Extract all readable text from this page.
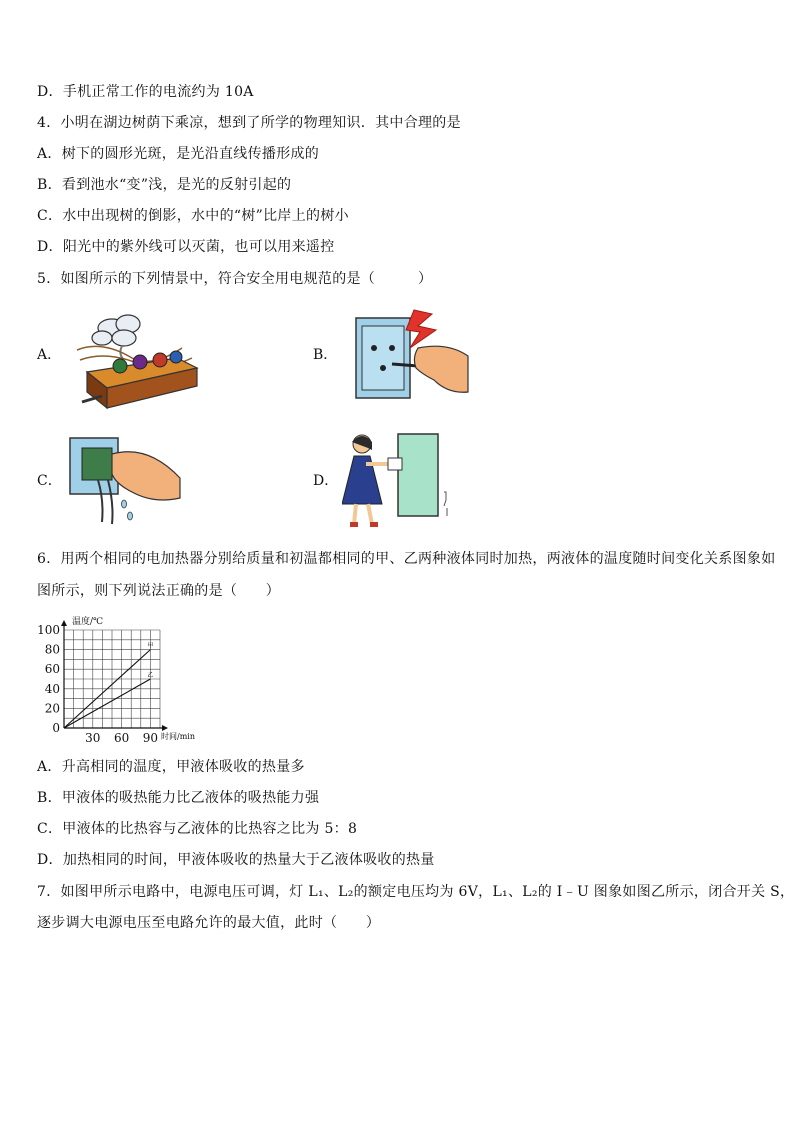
D．手机正常工作的电流约为 10A
4．小明在湖边树荫下乘凉，想到了所学的物理知识．其中合理的是
A．树下的圆形光斑，是光沿直线传播形成的
B．看到池水“变”浅，是光的反射引起的
C．水中出现树的倒影，水中的“树”比岸上的树小
D．阳光中的紫外线可以灭菌，也可以用来遥控
5．如图所示的下列情景中，符合安全用电规范的是（　　　）
A．	B．
C．	D．
6．用两个相同的电加热器分别给质量和初温都相同的甲、乙两种液体同时加热，两液体的温度随时间变化关系图象如
图所示，则下列说法正确的是（　　）
甲
乙
0
20
40
60
80
100
30 60 90
温度/℃
时间/min
A．升高相同的温度，甲液体吸收的热量多
B．甲液体的吸热能力比乙液体的吸热能力强
C．甲液体的比热容与乙液体的比热容之比为 5：8
D．加热相同的时间，甲液体吸收的热量大于乙液体吸收的热量
7．如图甲所示电路中，电源电压可调，灯 L₁、L₂的额定电压均为 6V，L₁、L₂的 I﹣U 图象如图乙所示，闭合开关 S，
逐步调大电源电压至电路允许的最大值，此时（　　）
